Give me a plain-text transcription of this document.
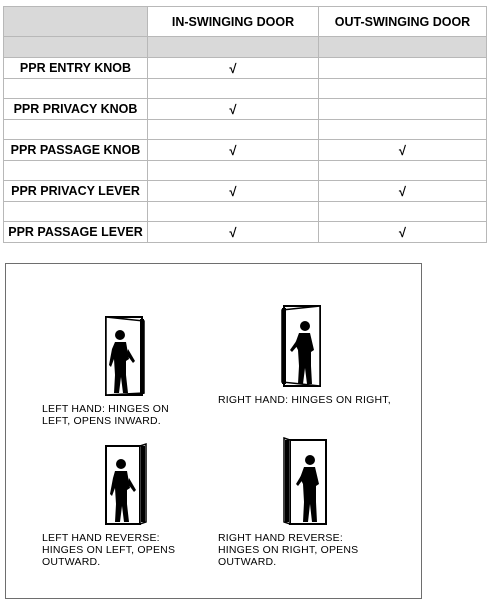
	IN-SWINGING DOOR	OUT-SWINGING DOOR

PPR ENTRY KNOB	√	

PPR PRIVACY KNOB	√	

PPR PASSAGE KNOB	√	√

PPR PRIVACY LEVER	√	√

PPR PASSAGE LEVER	√	√
LEFT HAND: HINGES ON
LEFT, OPENS INWARD.
RIGHT HAND: HINGES ON RIGHT,
LEFT HAND REVERSE:
HINGES ON LEFT, OPENS
OUTWARD.
RIGHT HAND REVERSE:
HINGES ON RIGHT, OPENS
OUTWARD.
